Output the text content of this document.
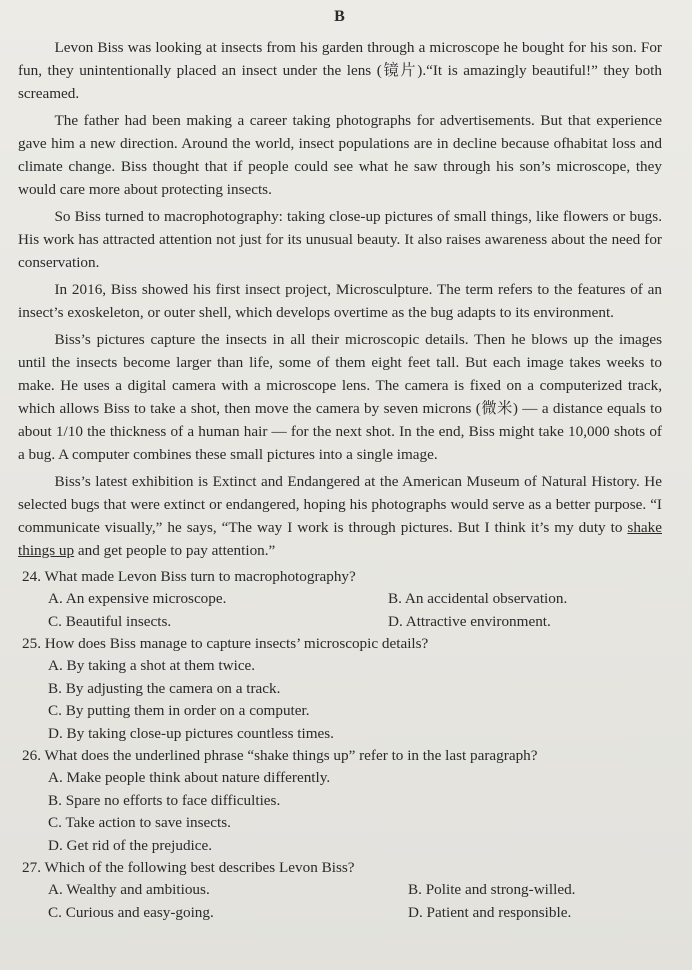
B

Levon Biss was looking at insects from his garden through a microscope he bought for his son. For fun, they unintentionally placed an insect under the lens (镜片).“It is amazingly beautiful!” they both screamed.

The father had been making a career taking photographs for advertisements. But that experience gave him a new direction. Around the world, insect populations are in decline because ofhabitat loss and climate change. Biss thought that if people could see what he saw through his son’s microscope, they would care more about protecting insects.

So Biss turned to macrophotography: taking close-up pictures of small things, like flowers or bugs. His work has attracted attention not just for its unusual beauty. It also raises awareness about the need for conservation.

In 2016, Biss showed his first insect project, Microsculpture. The term refers to the features of an insect’s exoskeleton, or outer shell, which develops overtime as the bug adapts to its environment.

Biss’s pictures capture the insects in all their microscopic details. Then he blows up the images until the insects become larger than life, some of them eight feet tall. But each image takes weeks to make. He uses a digital camera with a microscope lens. The camera is fixed on a computerized track, which allows Biss to take a shot, then move the camera by seven microns (微米) — a distance equals to about 1/10 the thickness of a human hair — for the next shot. In the end, Biss might take 10,000 shots of a bug. A computer combines these small pictures into a single image.

Biss’s latest exhibition is Extinct and Endangered at the American Museum of Natural History. He selected bugs that were extinct or endangered, hoping his photographs would serve as a better purpose. “I communicate visually,” he says, “The way I work is through pictures. But I think it’s my duty to shake things up and get people to pay attention.”

24. What made Levon Biss turn to macrophotography?
A. An expensive microscope.	B. An accidental observation.
C. Beautiful insects.	D. Attractive environment.
25. How does Biss manage to capture insects’ microscopic details?
A. By taking a shot at them twice.
B. By adjusting the camera on a track.
C. By putting them in order on a computer.
D. By taking close-up pictures countless times.
26. What does the underlined phrase “shake things up” refer to in the last paragraph?
A. Make people think about nature differently.
B. Spare no efforts to face difficulties.
C. Take action to save insects.
D. Get rid of the prejudice.
27. Which of the following best describes Levon Biss?
A. Wealthy and ambitious.	B. Polite and strong-willed.
C. Curious and easy-going.	D. Patient and responsible.
